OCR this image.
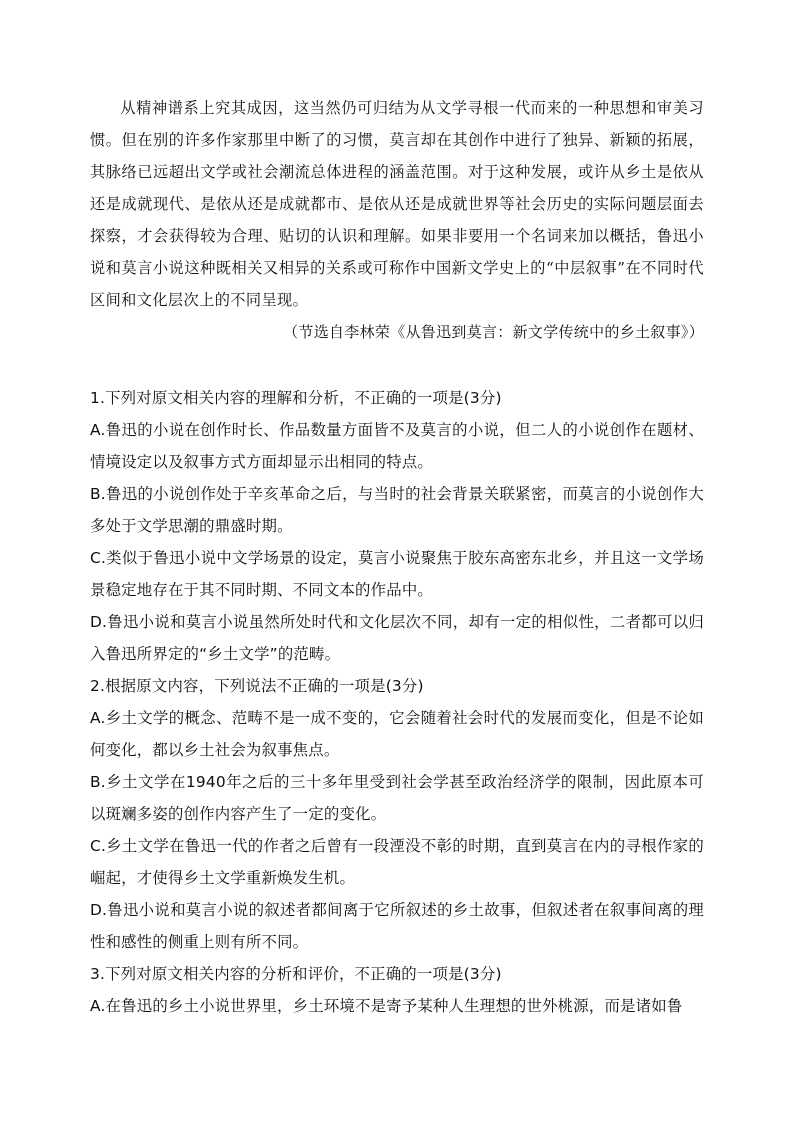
从精神谱系上究其成因，这当然仍可归结为从文学寻根一代而来的一种思想和审美习惯。但在别的许多作家那里中断了的习惯，莫言却在其创作中进行了独异、新颖的拓展，其脉络已远超出文学或社会潮流总体进程的涵盖范围。对于这种发展，或许从乡土是依从还是成就现代、是依从还是成就都市、是依从还是成就世界等社会历史的实际问题层面去探察，才会获得较为合理、贴切的认识和理解。如果非要用一个名词来加以概括，鲁迅小说和莫言小说这种既相关又相异的关系或可称作中国新文学史上的“中层叙事”在不同时代区间和文化层次上的不同呈现。

（节选自李林荣《从鲁迅到莫言：新文学传统中的乡土叙事》）

1.下列对原文相关内容的理解和分析，不正确的一项是(3分)

A.鲁迅的小说在创作时长、作品数量方面皆不及莫言的小说，但二人的小说创作在题材、情境设定以及叙事方式方面却显示出相同的特点。

B.鲁迅的小说创作处于辛亥革命之后，与当时的社会背景关联紧密，而莫言的小说创作大多处于文学思潮的鼎盛时期。

C.类似于鲁迅小说中文学场景的设定，莫言小说聚焦于胶东高密东北乡，并且这一文学场景稳定地存在于其不同时期、不同文本的作品中。

D.鲁迅小说和莫言小说虽然所处时代和文化层次不同，却有一定的相似性，二者都可以归入鲁迅所界定的“乡土文学”的范畴。

2.根据原文内容，下列说法不正确的一项是(3分)

A.乡土文学的概念、范畴不是一成不变的，它会随着社会时代的发展而变化，但是不论如何变化，都以乡土社会为叙事焦点。

B.乡土文学在1940年之后的三十多年里受到社会学甚至政治经济学的限制，因此原本可以斑斓多姿的创作内容产生了一定的变化。

C.乡土文学在鲁迅一代的作者之后曾有一段湮没不彰的时期，直到莫言在内的寻根作家的崛起，才使得乡土文学重新焕发生机。

D.鲁迅小说和莫言小说的叙述者都间离于它所叙述的乡土故事，但叙述者在叙事间离的理性和感性的侧重上则有所不同。

3.下列对原文相关内容的分析和评价，不正确的一项是(3分)

A.在鲁迅的乡土小说世界里，乡土环境不是寄予某种人生理想的世外桃源，而是诸如鲁
